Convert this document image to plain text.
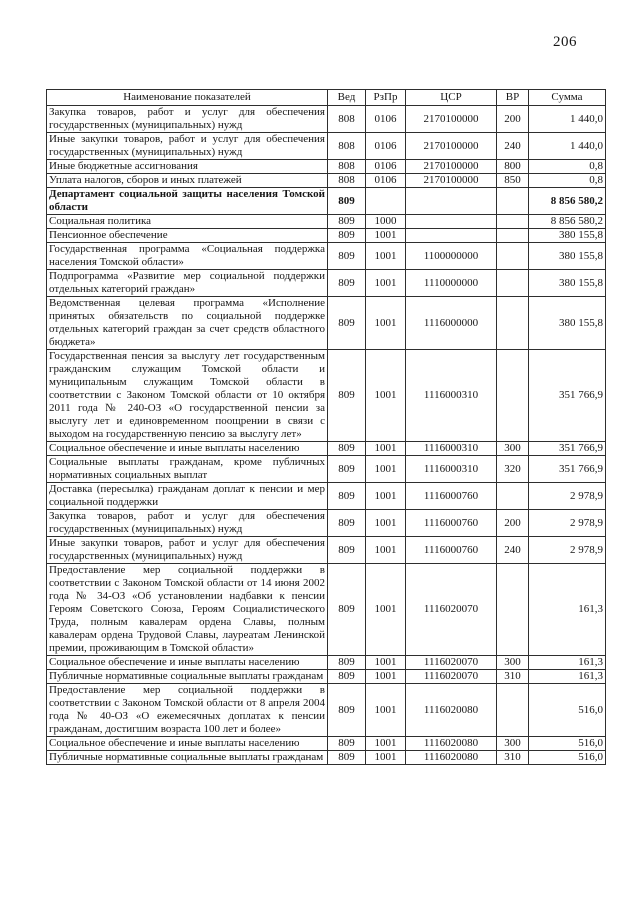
206
Наименование показателей	Вед	РзПр	ЦСР	ВР	Сумма
Закупка товаров, работ и услуг для обеспечения государственных (муниципальных) нужд	808	0106	2170100000	200	1 440,0
Иные закупки товаров, работ и услуг для обеспечения государственных (муниципальных) нужд	808	0106	2170100000	240	1 440,0
Иные бюджетные ассигнования	808	0106	2170100000	800	0,8
Уплата налогов, сборов и иных платежей	808	0106	2170100000	850	0,8
Департамент социальной защиты населения Томской области	809				8 856 580,2
Социальная политика	809	1000			8 856 580,2
Пенсионное обеспечение	809	1001			380 155,8
Государственная программа «Социальная поддержка населения Томской области»	809	1001	1100000000		380 155,8
Подпрограмма «Развитие мер социальной поддержки отдельных категорий граждан»	809	1001	1110000000		380 155,8
Ведомственная целевая программа «Исполнение принятых обязательств по социальной поддержке отдельных категорий граждан за счет средств областного бюджета»	809	1001	1116000000		380 155,8
Государственная пенсия за выслугу лет государственным гражданским служащим Томской области и муниципальным служащим Томской области в соответствии с Законом Томской области от 10 октября 2011 года № 240-ОЗ «О государственной пенсии за выслугу лет и единовременном поощрении в связи с выходом на государственную пенсию за выслугу лет»	809	1001	1116000310		351 766,9
Социальное обеспечение и иные выплаты населению	809	1001	1116000310	300	351 766,9
Социальные выплаты гражданам, кроме публичных нормативных социальных выплат	809	1001	1116000310	320	351 766,9
Доставка (пересылка) гражданам доплат к пенсии и мер социальной поддержки	809	1001	1116000760		2 978,9
Закупка товаров, работ и услуг для обеспечения государственных (муниципальных) нужд	809	1001	1116000760	200	2 978,9
Иные закупки товаров, работ и услуг для обеспечения государственных (муниципальных) нужд	809	1001	1116000760	240	2 978,9
Предоставление мер социальной поддержки в соответствии с Законом Томской области от 14 июня 2002 года № 34-ОЗ «Об установлении надбавки к пенсии Героям Советского Союза, Героям Социалистического Труда, полным кавалерам ордена Славы, полным кавалерам ордена Трудовой Славы, лауреатам Ленинской премии, проживающим в Томской области»	809	1001	1116020070		161,3
Социальное обеспечение и иные выплаты населению	809	1001	1116020070	300	161,3
Публичные нормативные социальные выплаты гражданам	809	1001	1116020070	310	161,3
Предоставление мер социальной поддержки в соответствии с Законом Томской области от 8 апреля 2004 года № 40-ОЗ «О ежемесячных доплатах к пенсии гражданам, достигшим возраста 100 лет и более»	809	1001	1116020080		516,0
Социальное обеспечение и иные выплаты населению	809	1001	1116020080	300	516,0
Публичные нормативные социальные выплаты гражданам	809	1001	1116020080	310	516,0
